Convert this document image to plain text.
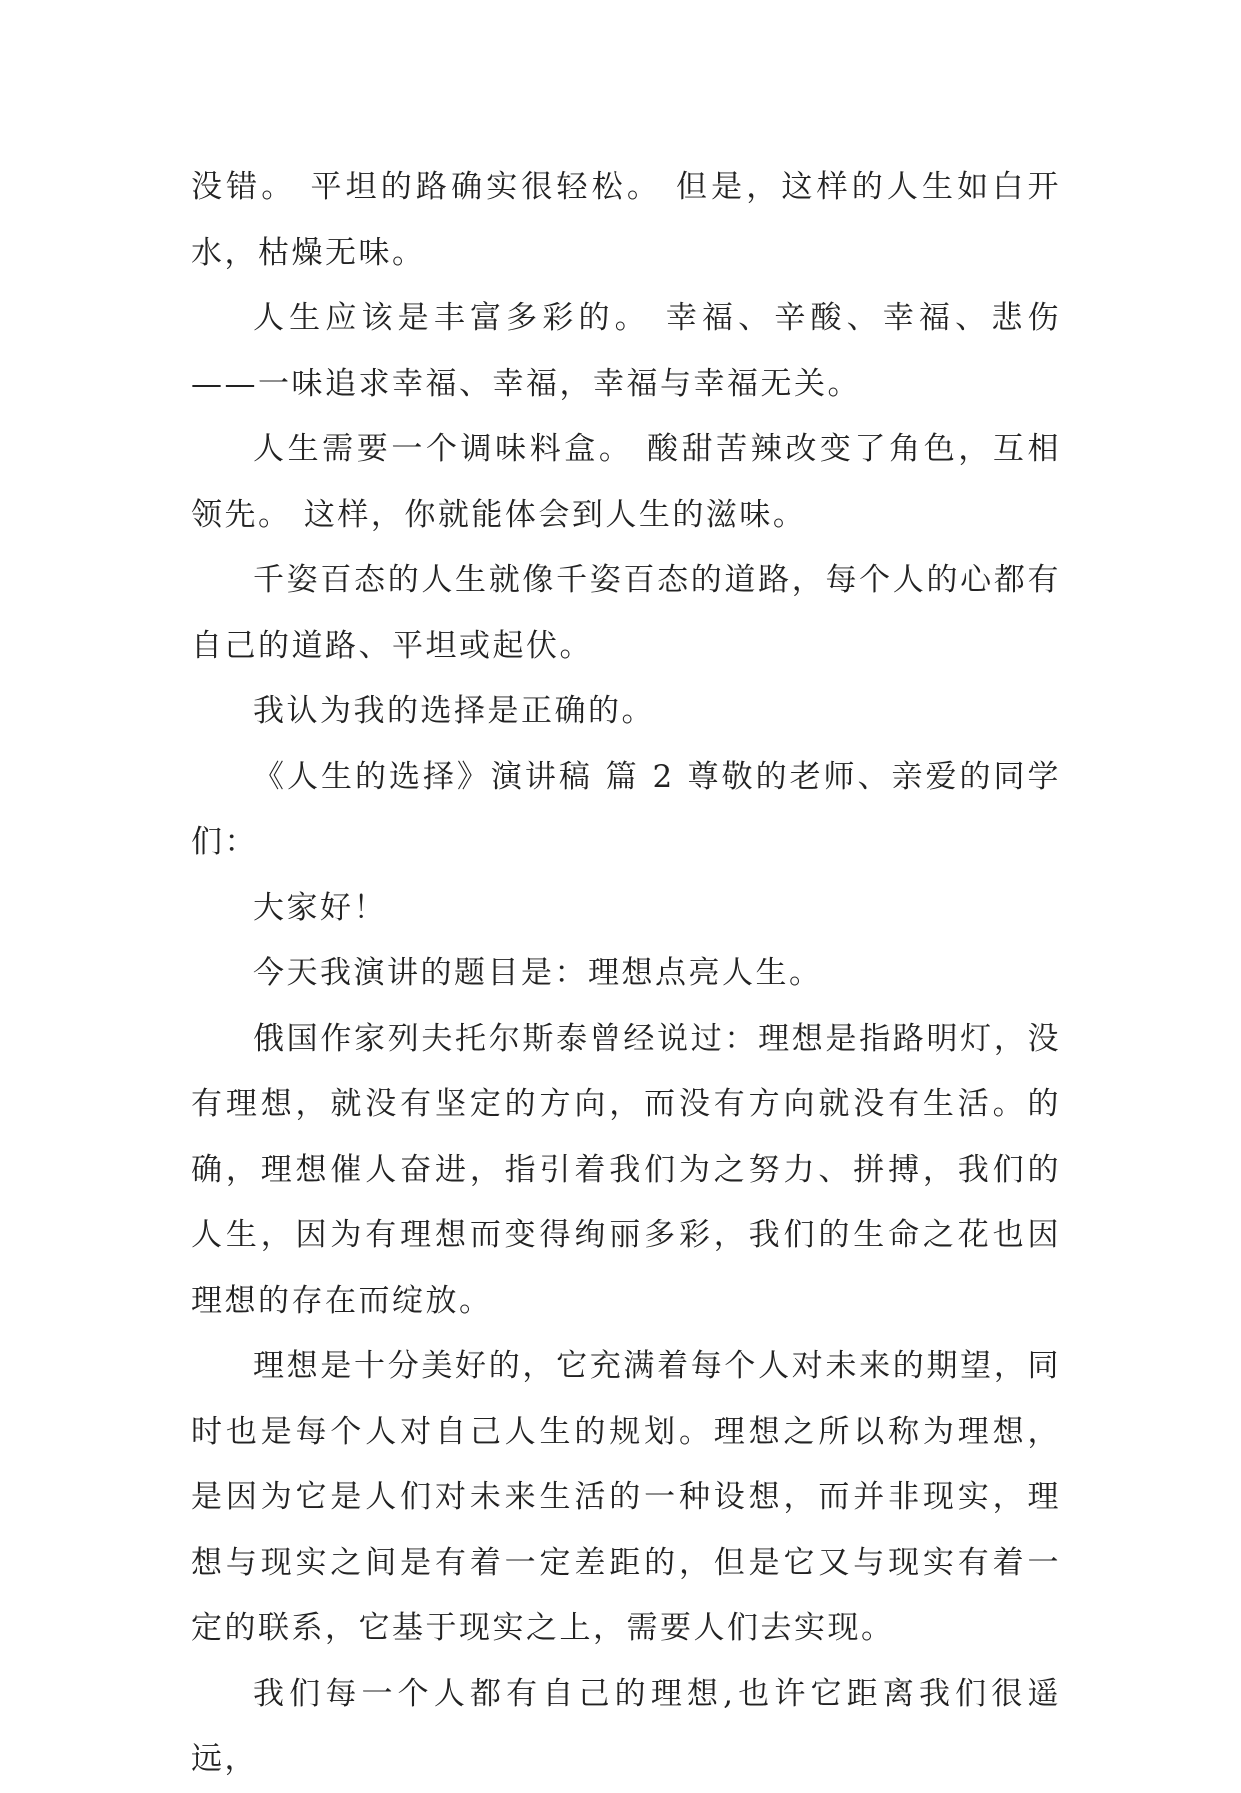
没错。 平坦的路确实很轻松。 但是，这样的人生如白开水，枯燥无味。

人生应该是丰富多彩的。 幸福、辛酸、幸福、悲伤——一味追求幸福、幸福，幸福与幸福无关。

人生需要一个调味料盒。 酸甜苦辣改变了角色，互相领先。 这样，你就能体会到人生的滋味。

千姿百态的人生就像千姿百态的道路，每个人的心都有自己的道路、平坦或起伏。

我认为我的选择是正确的。

《人生的选择》演讲稿 篇 2 尊敬的老师、亲爱的同学们：

大家好！

今天我演讲的题目是：理想点亮人生。

俄国作家列夫托尔斯泰曾经说过：理想是指路明灯，没有理想，就没有坚定的方向，而没有方向就没有生活。的确，理想催人奋进，指引着我们为之努力、拼搏，我们的人生，因为有理想而变得绚丽多彩，我们的生命之花也因理想的存在而绽放。

理想是十分美好的，它充满着每个人对未来的期望，同时也是每个人对自己人生的规划。理想之所以称为理想，是因为它是人们对未来生活的一种设想，而并非现实，理想与现实之间是有着一定差距的，但是它又与现实有着一定的联系，它基于现实之上，需要人们去实现。

我们每一个人都有自己的理想,也许它距离我们很遥远，
